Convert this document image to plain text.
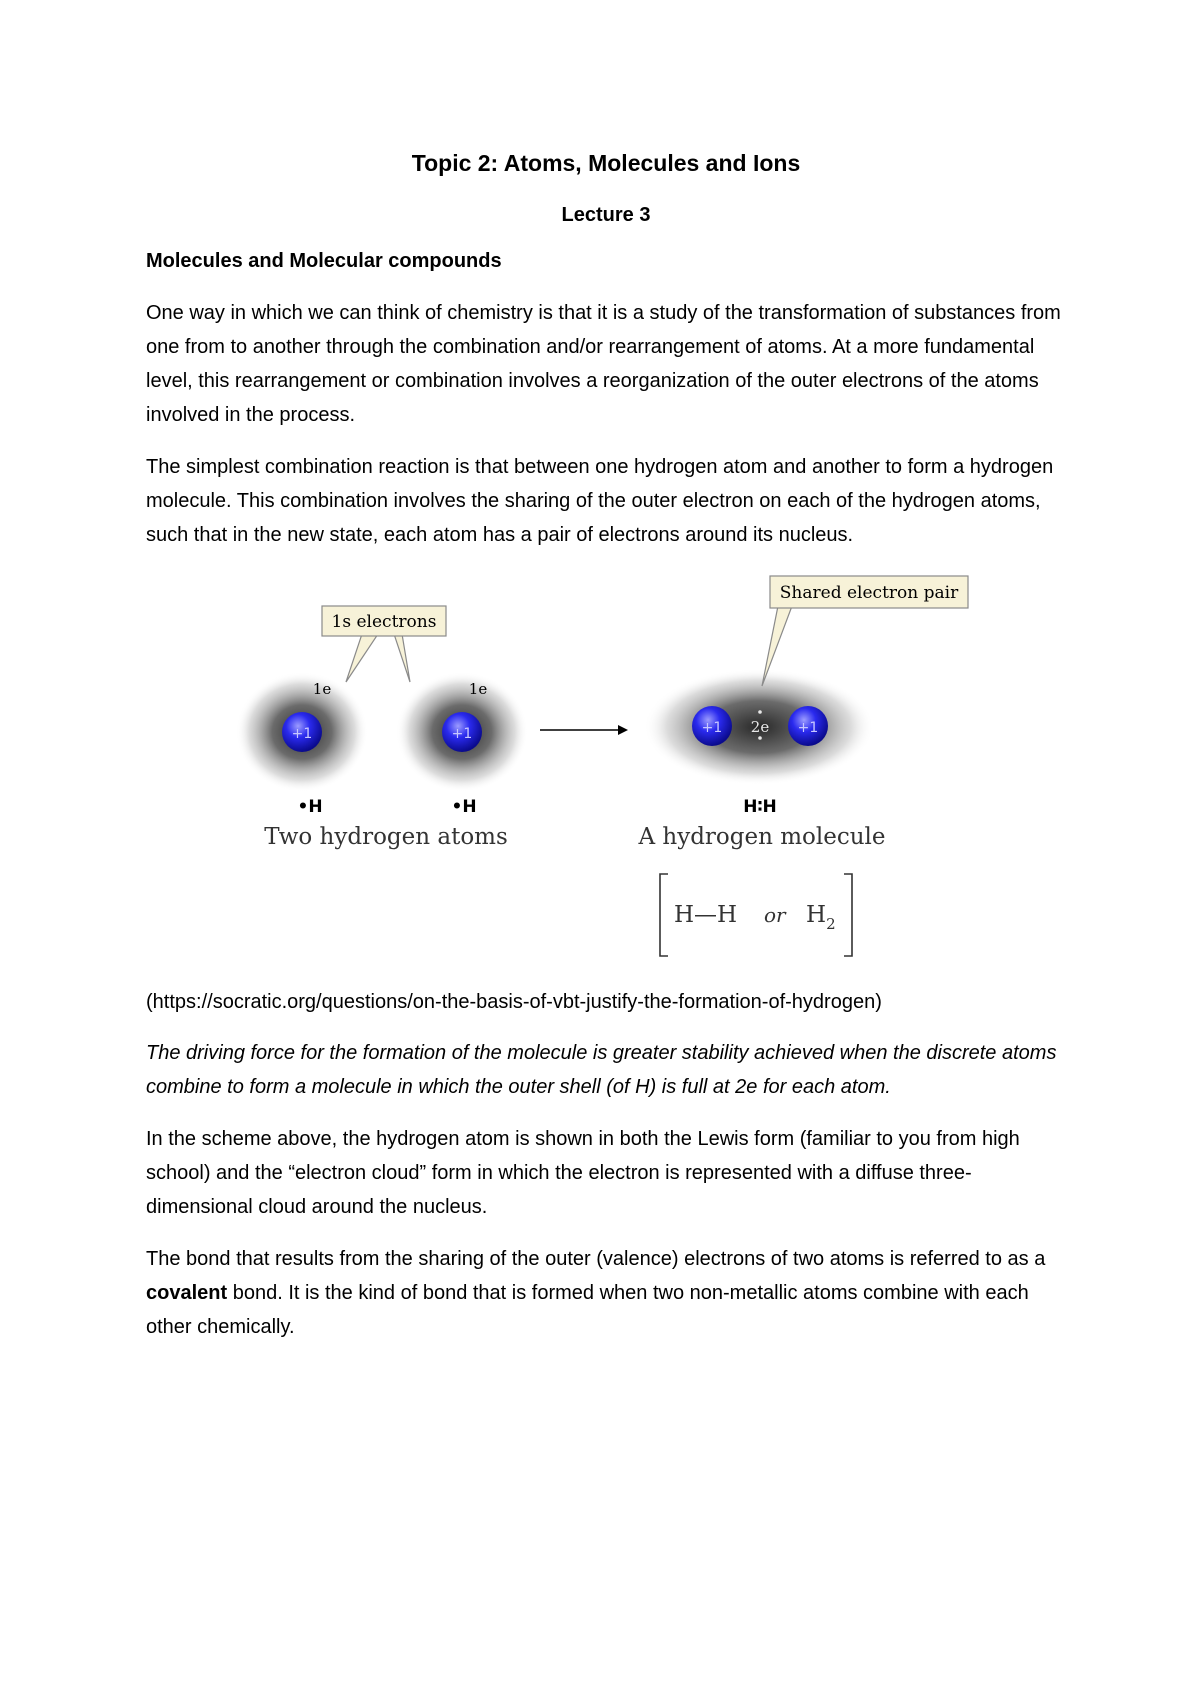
Topic 2: Atoms, Molecules and Ions
Lecture 3
Molecules and Molecular compounds

One way in which we can think of chemistry is that it is a study of the transformation of substances from one from to another through the combination and/or rearrangement of atoms. At a more fundamental level, this rearrangement or combination involves a reorganization of the outer electrons of the atoms involved in the process.

The simplest combination reaction is that between one hydrogen atom and another to form a hydrogen molecule. This combination involves the sharing of the outer electron on each of the hydrogen atoms, such that in the new state, each atom has a pair of electrons around its nucleus.

+1
1e
+1
1e
1s electrons
+1	+1
2e
Shared electron pair
•H	•H	H∶H
Two hydrogen atoms	A hydrogen molecule
H—H or $H_2$

(https://socratic.org/questions/on-the-basis-of-vbt-justify-the-formation-of-hydrogen)

The driving force for the formation of the molecule is greater stability achieved when the discrete atoms combine to form a molecule in which the outer shell (of H) is full at 2e for each atom.

In the scheme above, the hydrogen atom is shown in both the Lewis form (familiar to you from high school) and the “electron cloud” form in which the electron is represented with a diffuse three-dimensional cloud around the nucleus.

The bond that results from the sharing of the outer (valence) electrons of two atoms is referred to as a covalent bond. It is the kind of bond that is formed when two non-metallic atoms combine with each other chemically.
